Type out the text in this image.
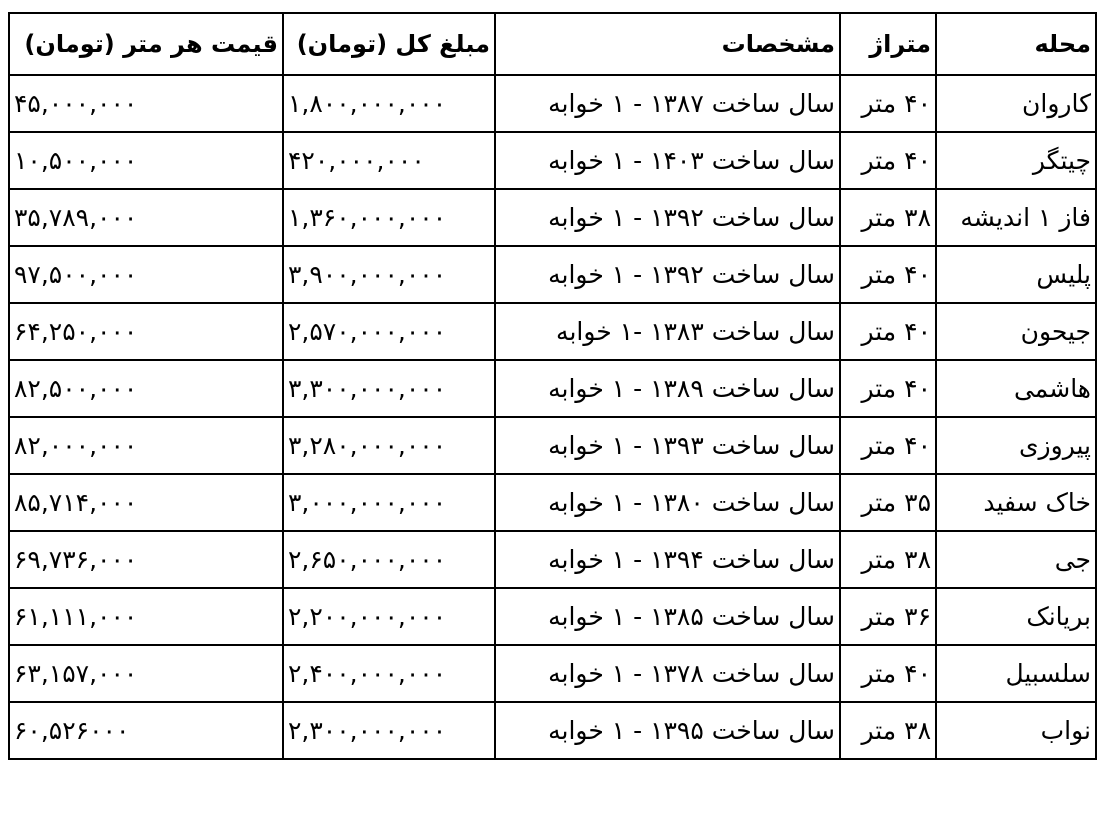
محله	متراژ	مشخصات	مبلغ کل (تومان)	قیمت هر متر (تومان)
کاروان	۴۰ متر	سال ساخت ۱۳۸۷ - ۱ خوابه	۱,۸۰۰,۰۰۰,۰۰۰	۴۵,۰۰۰,۰۰۰
چیتگر	۴۰ متر	سال ساخت ۱۴۰۳ - ۱ خوابه	۴۲۰,۰۰۰,۰۰۰	۱۰,۵۰۰,۰۰۰
فاز ۱ اندیشه	۳۸ متر	سال ساخت ۱۳۹۲ - ۱ خوابه	۱,۳۶۰,۰۰۰,۰۰۰	۳۵,۷۸۹,۰۰۰
پلیس	۴۰ متر	سال ساخت ۱۳۹۲ - ۱ خوابه	۳,۹۰۰,۰۰۰,۰۰۰	۹۷,۵۰۰,۰۰۰
جیحون	۴۰ متر	سال ساخت ۱۳۸۳ -۱ خوابه	۲,۵۷۰,۰۰۰,۰۰۰	۶۴,۲۵۰,۰۰۰
هاشمی	۴۰ متر	سال ساخت ۱۳۸۹ - ۱ خوابه	۳,۳۰۰,۰۰۰,۰۰۰	۸۲,۵۰۰,۰۰۰
پیروزی	۴۰ متر	سال ساخت ۱۳۹۳ - ۱ خوابه	۳,۲۸۰,۰۰۰,۰۰۰	۸۲,۰۰۰,۰۰۰
خاک سفید	۳۵ متر	سال ساخت ۱۳۸۰ - ۱ خوابه	۳,۰۰۰,۰۰۰,۰۰۰	۸۵,۷۱۴,۰۰۰
جی	۳۸ متر	سال ساخت ۱۳۹۴ - ۱ خوابه	۲,۶۵۰,۰۰۰,۰۰۰	۶۹,۷۳۶,۰۰۰
بریانک	۳۶ متر	سال ساخت ۱۳۸۵ - ۱ خوابه	۲,۲۰۰,۰۰۰,۰۰۰	۶۱,۱۱۱,۰۰۰
سلسبیل	۴۰ متر	سال ساخت ۱۳۷۸ - ۱ خوابه	۲,۴۰۰,۰۰۰,۰۰۰	۶۳,۱۵۷,۰۰۰
نواب	۳۸ متر	سال ساخت ۱۳۹۵ - ۱ خوابه	۲,۳۰۰,۰۰۰,۰۰۰	۶۰,۵۲۶۰۰۰
